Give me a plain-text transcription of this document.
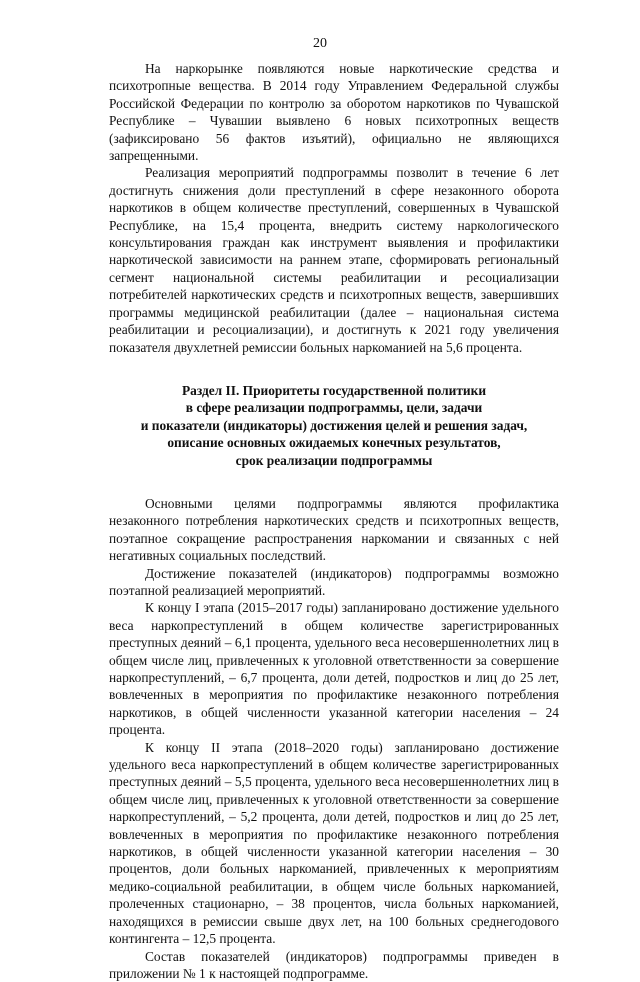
20

На наркорынке появляются новые наркотические средства и психотропные вещества. В 2014 году Управлением Федеральной службы Российской Федерации по контролю за оборотом наркотиков по Чувашской Республике – Чувашии выявлено 6 новых психотропных веществ (зафиксировано 56 фактов изъятий), официально не являющихся запрещенными.

Реализация мероприятий подпрограммы позволит в течение 6 лет достигнуть снижения доли преступлений в сфере незаконного оборота наркотиков в общем количестве преступлений, совершенных в Чувашской Республике, на 15,4 процента, внедрить систему наркологического консультирования граждан как инструмент выявления и профилактики наркотической зависимости на раннем этапе, сформировать региональный сегмент национальной системы реабилитации и ресоциализации потребителей наркотических средств и психотропных веществ, завершивших программы медицинской реабилитации (далее – национальная система реабилитации и ресоциализации), и достигнуть к 2021 году увеличения показателя двухлетней ремиссии больных наркоманией на 5,6 процента.

Раздел II. Приоритеты государственной политики
в сфере реализации подпрограммы, цели, задачи
и показатели (индикаторы) достижения целей и решения задач,
описание основных ожидаемых конечных результатов,
срок реализации подпрограммы

Основными целями подпрограммы являются профилактика незаконного потребления наркотических средств и психотропных веществ, поэтапное сокращение распространения наркомании и связанных с ней негативных социальных последствий.

Достижение показателей (индикаторов) подпрограммы возможно поэтапной реализацией мероприятий.

К концу I этапа (2015–2017 годы) запланировано достижение удельного веса наркопреступлений в общем количестве зарегистрированных преступных деяний – 6,1 процента, удельного веса несовершеннолетних лиц в общем числе лиц, привлеченных к уголовной ответственности за совершение наркопреступлений, – 6,7 процента, доли детей, подростков и лиц до 25 лет, вовлеченных в мероприятия по профилактике незаконного потребления наркотиков, в общей численности указанной категории населения – 24 процента.

К концу II этапа (2018–2020 годы) запланировано достижение удельного веса наркопреступлений в общем количестве зарегистрированных преступных деяний – 5,5 процента, удельного веса несовершеннолетних лиц в общем числе лиц, привлеченных к уголовной ответственности за совершение наркопреступлений, – 5,2 процента, доли детей, подростков и лиц до 25 лет, вовлеченных в мероприятия по профилактике незаконного потребления наркотиков, в общей численности указанной категории населения – 30 процентов, доли больных наркоманией, привлеченных к мероприятиям медико-социальной реабилитации, в общем числе больных наркоманией, пролеченных стационарно, – 38 процентов, числа больных наркоманией, находящихся в ремиссии свыше двух лет, на 100 больных среднегодового контингента – 12,5 процента.

Состав показателей (индикаторов) подпрограммы приведен в приложении № 1 к настоящей подпрограмме.
